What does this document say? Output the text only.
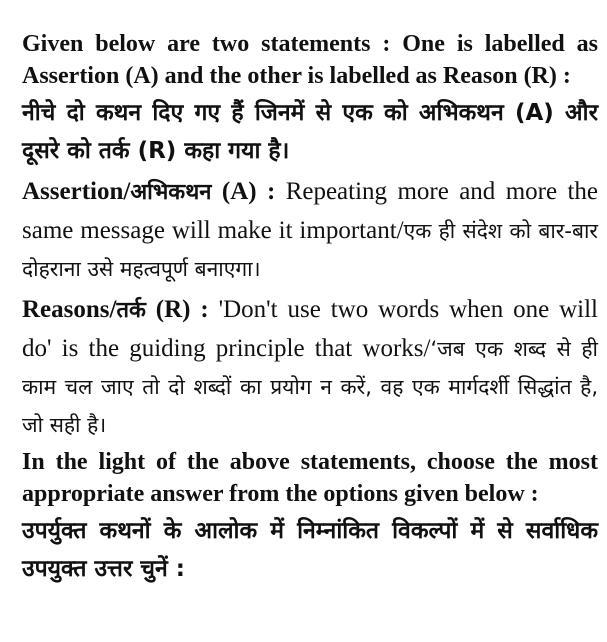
Given below are two statements : One is labelled as Assertion (A) and the other is labelled as Reason (R) :

नीचे दो कथन दिए गए हैं जिनमें से एक को अभिकथन (A) और दूसरे को तर्क (R) कहा गया है।

Assertion/अभिकथन (A) : Repeating more and more the same message will make it important/एक ही संदेश को बार-बार दोहराना उसे महत्वपूर्ण बनाएगा।

Reasons/तर्क (R) : 'Don't use two words when one will do' is the guiding principle that works/‘जब एक शब्द से ही काम चल जाए तो दो शब्दों का प्रयोग न करें, वह एक मार्गदर्शी सिद्धांत है, जो सही है।

In the light of the above statements, choose the most appropriate answer from the options given below :

उपर्युक्त कथनों के आलोक में निम्नांकित विकल्पों में से सर्वाधिक उपयुक्त उत्तर चुनें :
